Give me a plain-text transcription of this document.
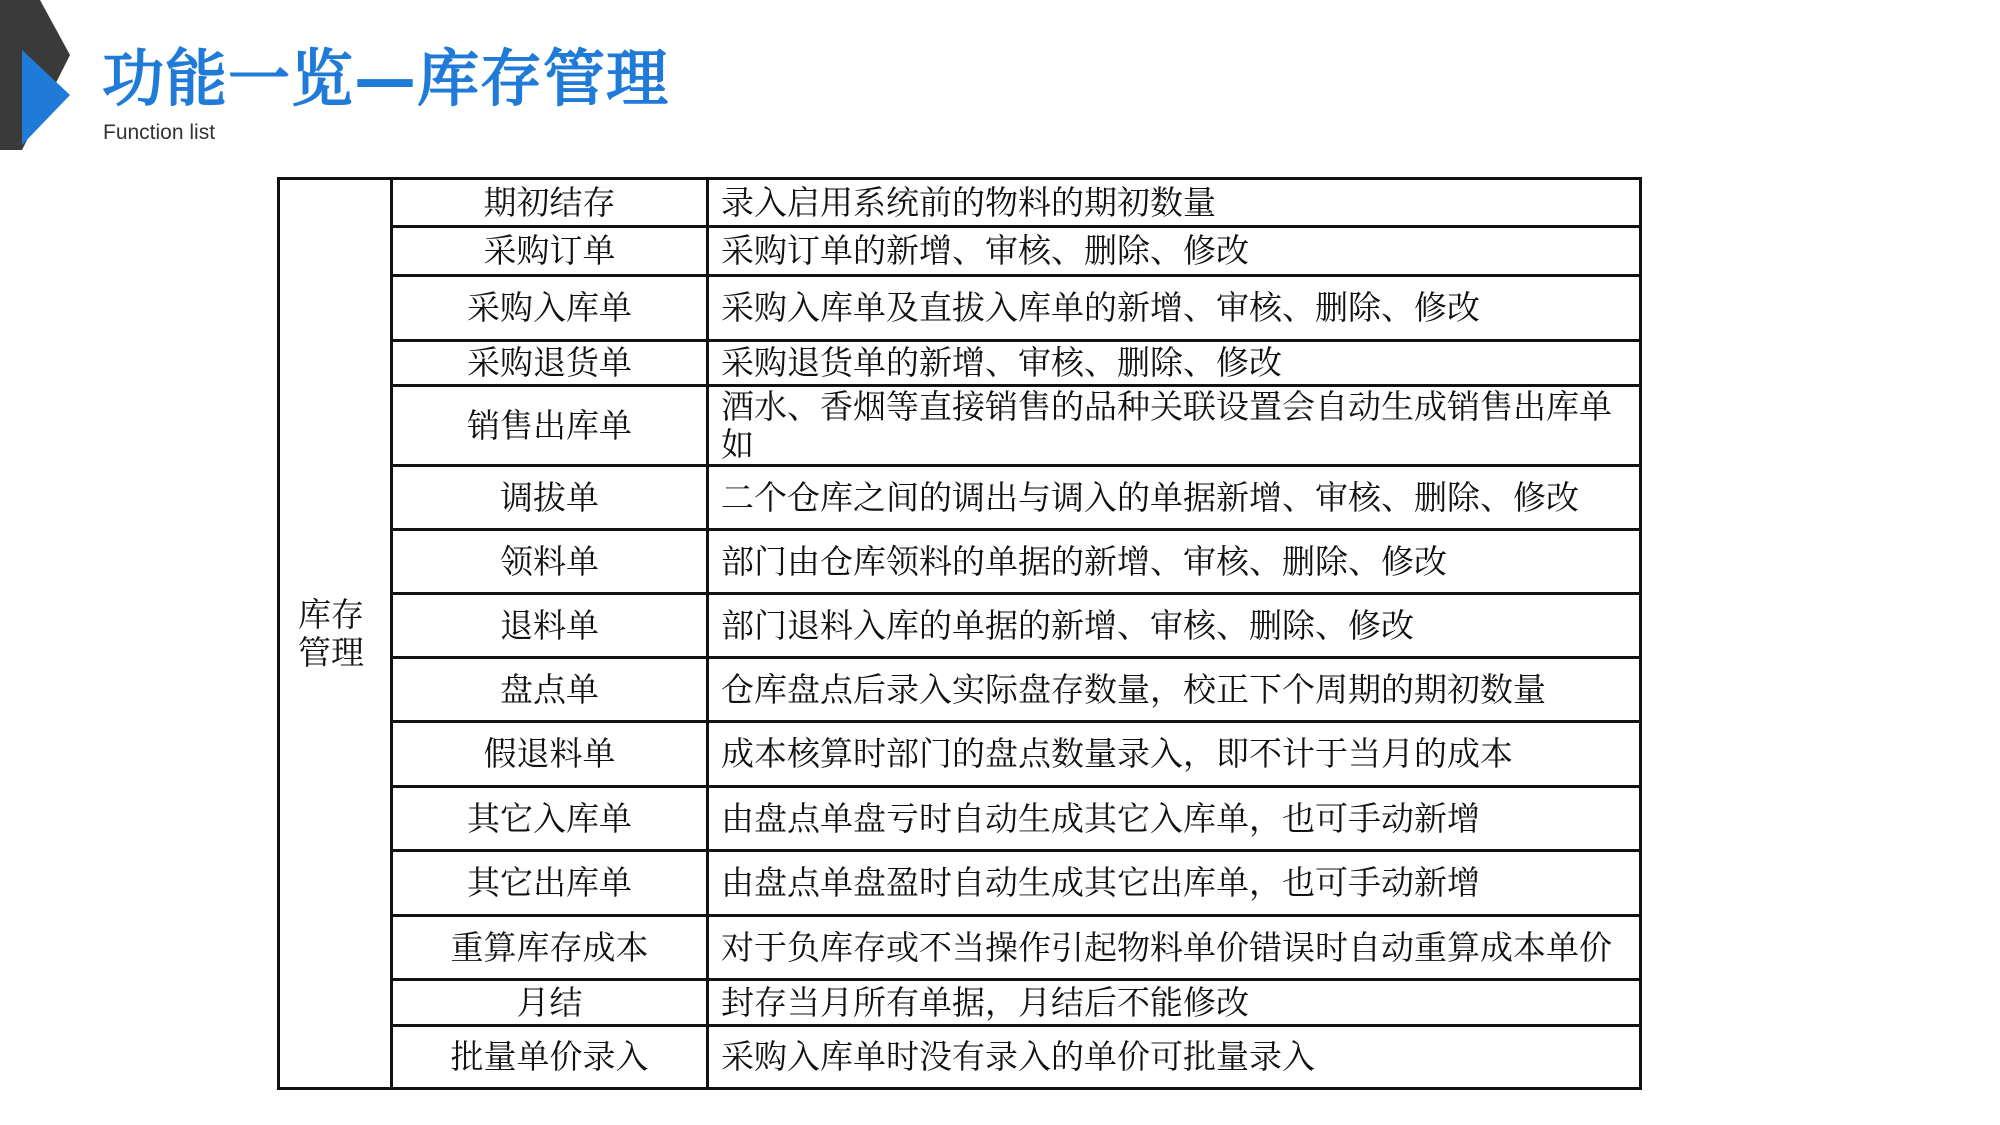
功能一览—库存管理
Function list
库存管理	期初结存	录入启用系统前的物料的期初数量
	采购订单	采购订单的新增、审核、删除、修改
	采购入库单	采购入库单及直拔入库单的新增、审核、删除、修改
	采购退货单	采购退货单的新增、审核、删除、修改
	销售出库单	酒水、香烟等直接销售的品种关联设置会自动生成销售出库单如
	调拔单	二个仓库之间的调出与调入的单据新增、审核、删除、修改
	领料单	部门由仓库领料的单据的新增、审核、删除、修改
	退料单	部门退料入库的单据的新增、审核、删除、修改
	盘点单	仓库盘点后录入实际盘存数量，校正下个周期的期初数量
	假退料单	成本核算时部门的盘点数量录入，即不计于当月的成本
	其它入库单	由盘点单盘亏时自动生成其它入库单，也可手动新增
	其它出库单	由盘点单盘盈时自动生成其它出库单，也可手动新增
	重算库存成本	对于负库存或不当操作引起物料单价错误时自动重算成本单价
	月结	封存当月所有单据，月结后不能修改
	批量单价录入	采购入库单时没有录入的单价可批量录入
